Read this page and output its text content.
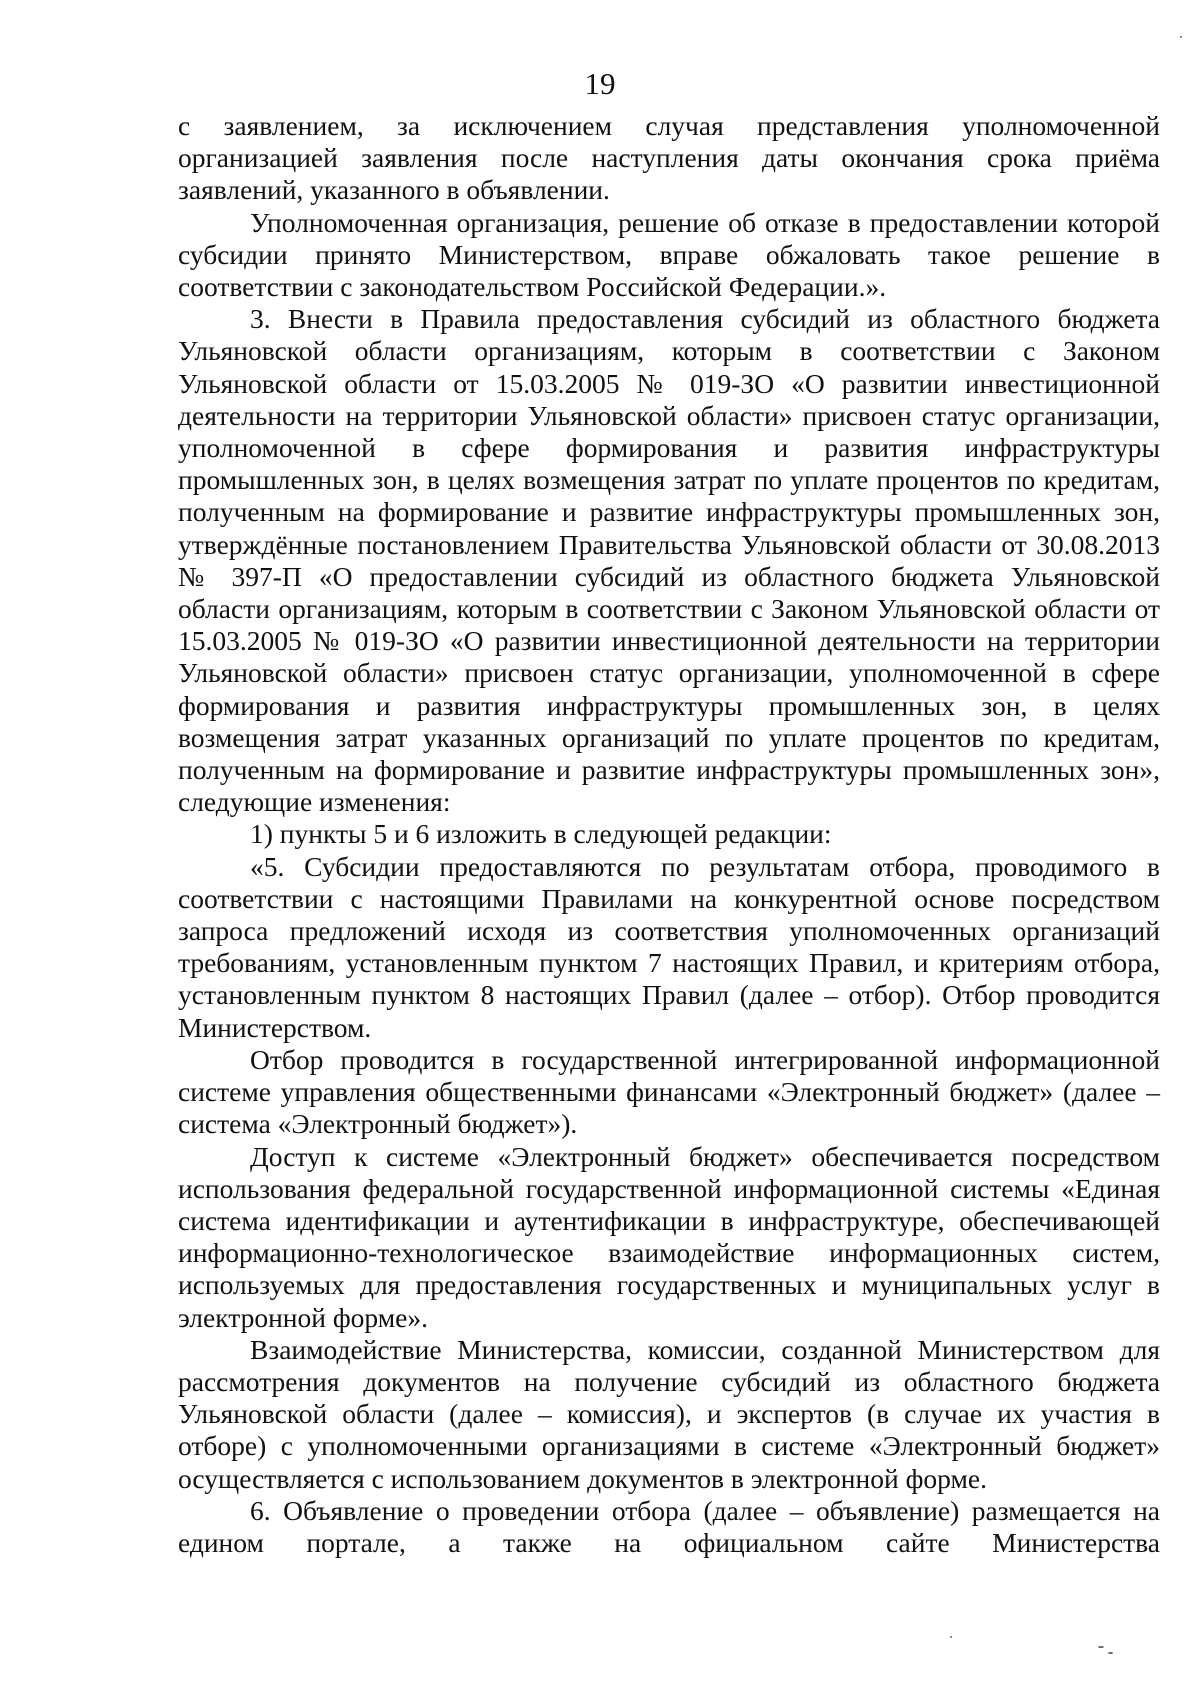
19

с заявлением, за исключением случая представления уполномоченной организацией заявления после наступления даты окончания срока приёма заявлений, указанного в объявлении.

Уполномоченная организация, решение об отказе в предоставлении которой субсидии принято Министерством, вправе обжаловать такое решение в соответствии с законодательством Российской Федерации.».

3. Внести в Правила предоставления субсидий из областного бюджета Ульяновской области организациям, которым в соответствии с Законом Ульяновской области от 15.03.2005 № 019-ЗО «О развитии инвестиционной деятельности на территории Ульяновской области» присвоен статус организации, уполномоченной в сфере формирования и развития инфраструктуры промышленных зон, в целях возмещения затрат по уплате процентов по кредитам, полученным на формирование и развитие инфраструктуры промышленных зон, утверждённые постановлением Правительства Ульяновской области от 30.08.2013 № 397-П «О предоставлении субсидий из областного бюджета Ульяновской области организациям, которым в соответствии с Законом Ульяновской области от 15.03.2005 № 019-ЗО «О развитии инвестиционной деятельности на территории Ульяновской области» присвоен статус организации, уполномоченной в сфере формирования и развития инфраструктуры промышленных зон, в целях возмещения затрат указанных организаций по уплате процентов по кредитам, полученным на формирование и развитие инфраструктуры промышленных зон», следующие изменения:

1) пункты 5 и 6 изложить в следующей редакции:

«5. Субсидии предоставляются по результатам отбора, проводимого в соответствии с настоящими Правилами на конкурентной основе посредством запроса предложений исходя из соответствия уполномоченных организаций требованиям, установленным пунктом 7 настоящих Правил, и критериям отбора, установленным пунктом 8 настоящих Правил (далее – отбор). Отбор проводится Министерством.

Отбор проводится в государственной интегрированной информационной системе управления общественными финансами «Электронный бюджет» (далее – система «Электронный бюджет»).

Доступ к системе «Электронный бюджет» обеспечивается посредством использования федеральной государственной информационной системы «Единая система идентификации и аутентификации в инфраструктуре, обеспечивающей информационно-технологическое взаимодействие информационных систем, используемых для предоставления государственных и муниципальных услуг в электронной форме».

Взаимодействие Министерства, комиссии, созданной Министерством для рассмотрения документов на получение субсидий из областного бюджета Ульяновской области (далее – комиссия), и экспертов (в случае их участия в отборе) с уполномоченными организациями в системе «Электронный бюджет» осуществляется с использованием документов в электронной форме.

6. Объявление о проведении отбора (далее – объявление) размещается на едином портале, а также на официальном сайте Министерства
